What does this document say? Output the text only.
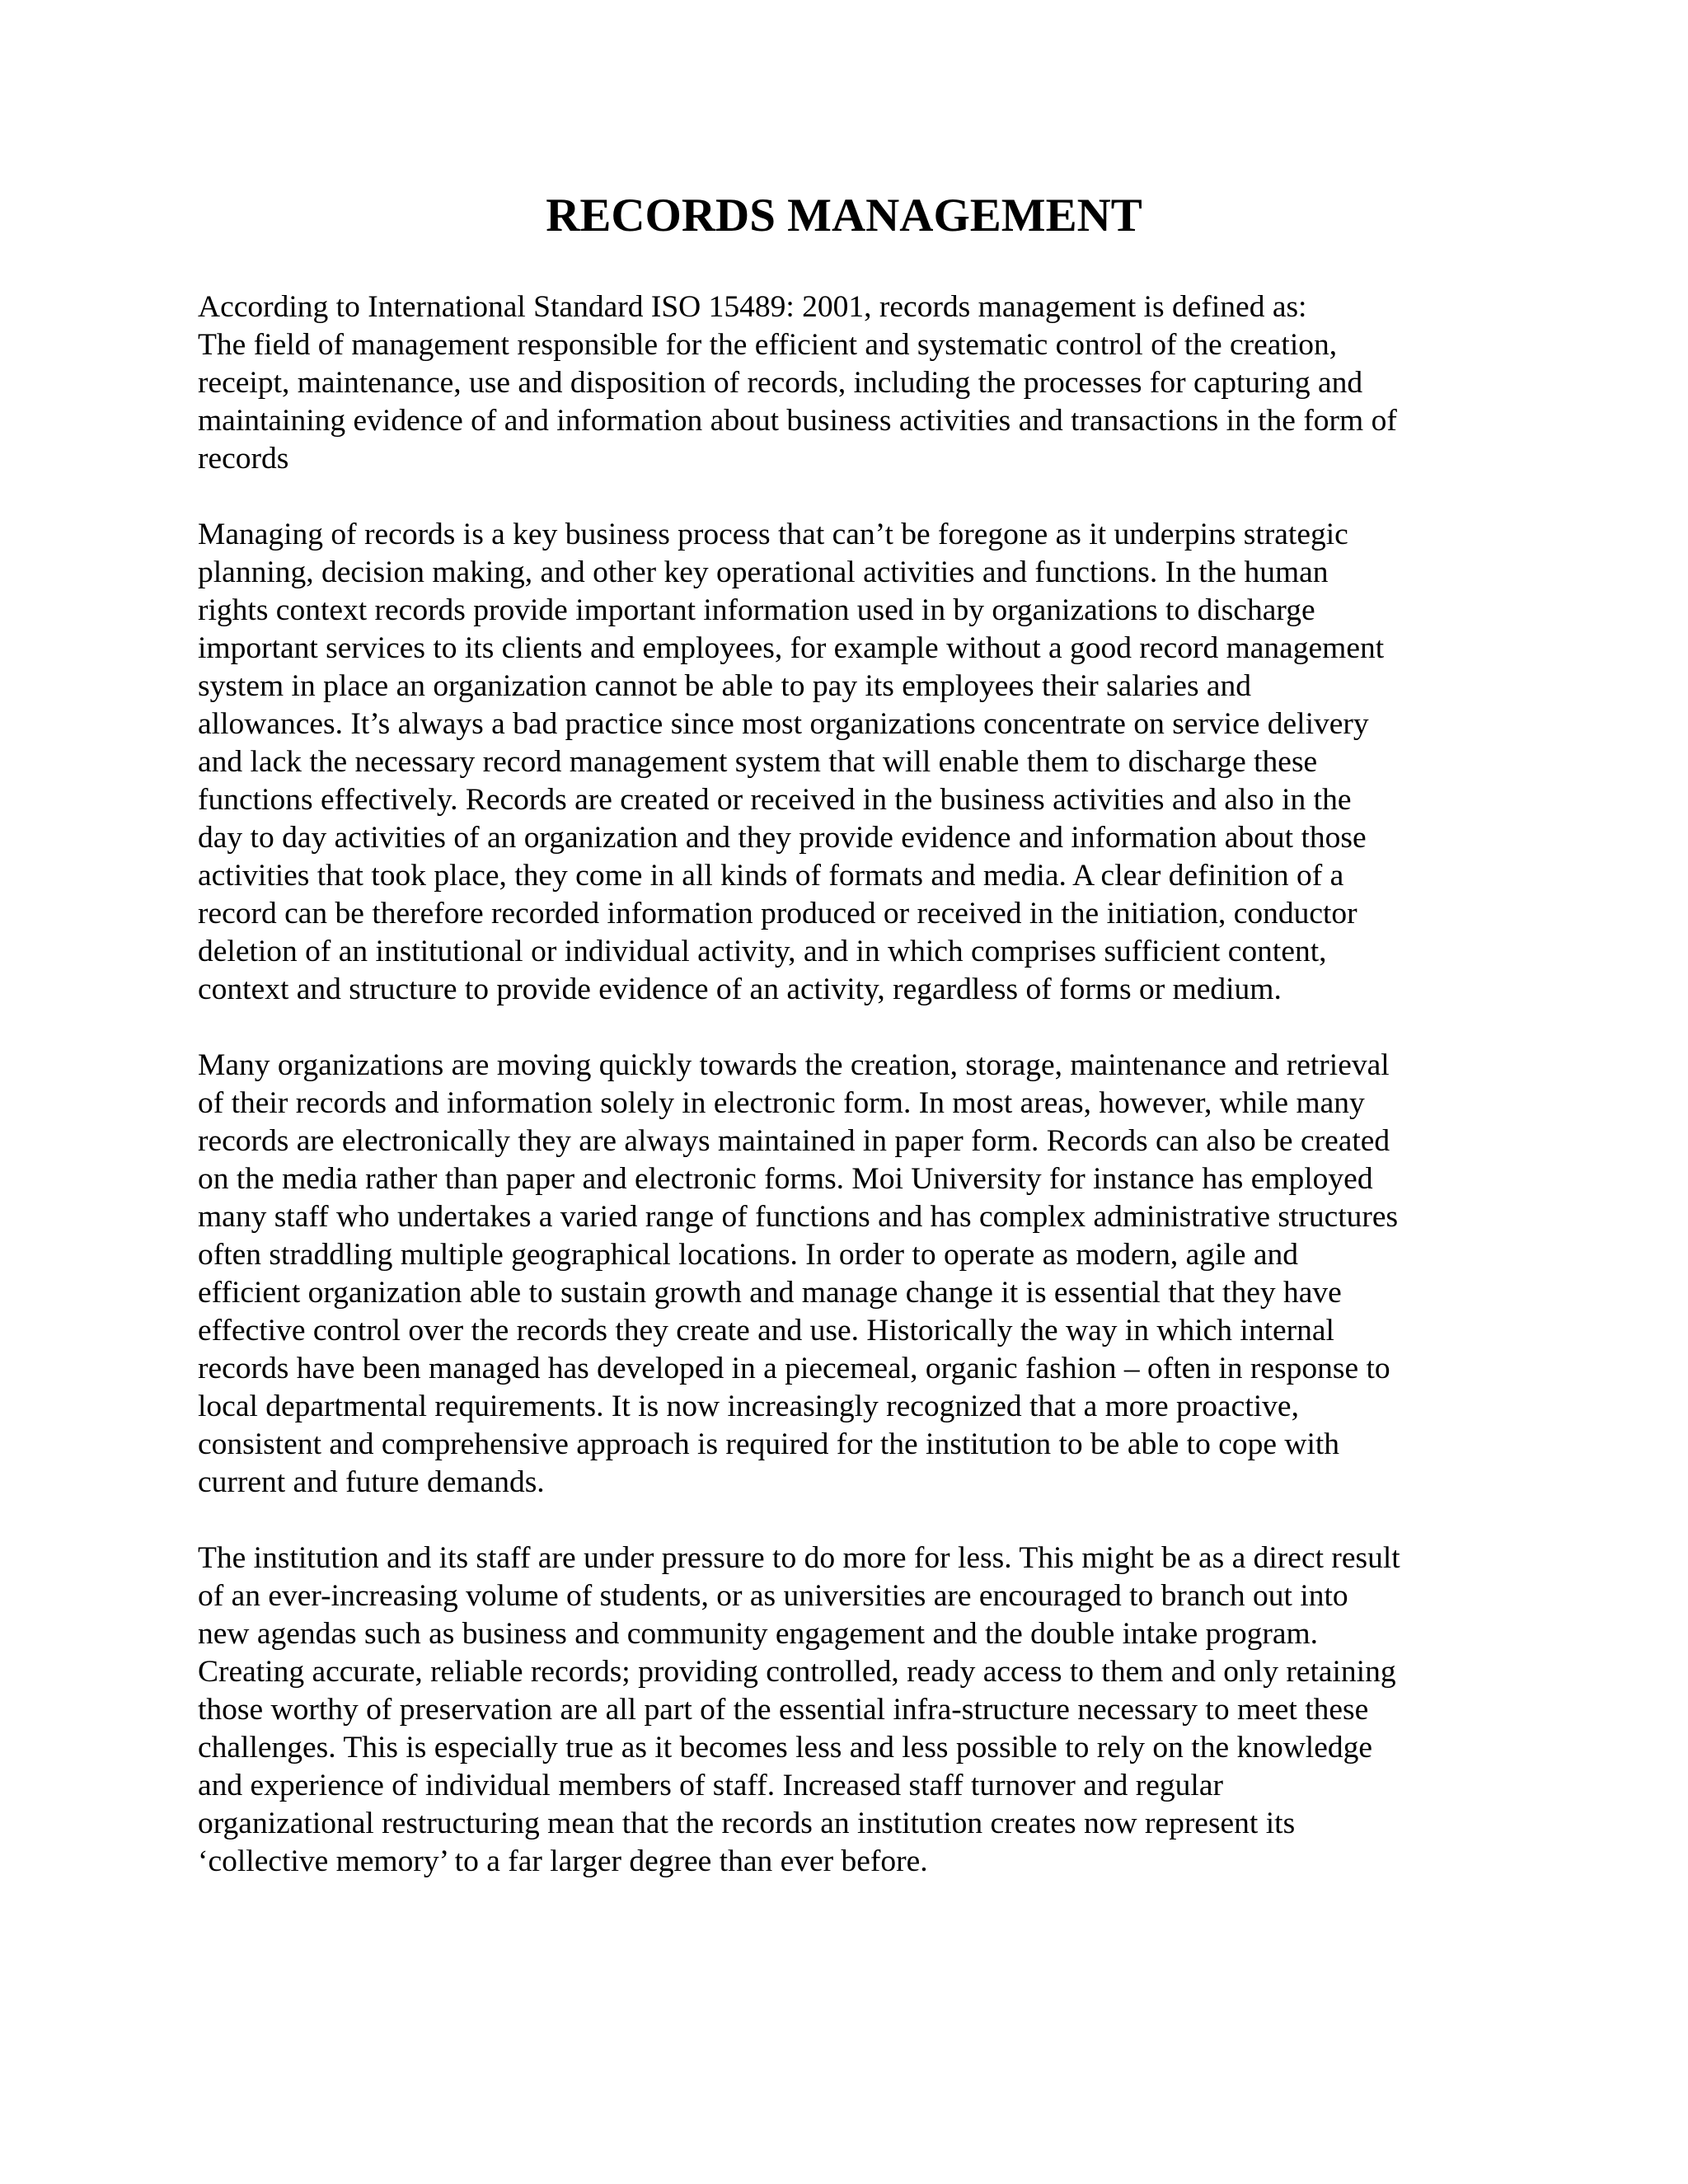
RECORDS MANAGEMENT

According to International Standard ISO 15489: 2001, records management is defined as:
The field of management responsible for the efficient and systematic control of the creation,
receipt, maintenance, use and disposition of records, including the processes for capturing and
maintaining evidence of and information about business activities and transactions in the form of
records

Managing of records is a key business process that can’t be foregone as it underpins strategic
planning, decision making, and other key operational activities and functions. In the human
rights context records provide important information used in by organizations to discharge
important services to its clients and employees, for example without a good record management
system in place an organization cannot be able to pay its employees their salaries and
allowances. It’s always a bad practice since most organizations concentrate on service delivery
and lack the necessary record management system that will enable them to discharge these
functions effectively. Records are created or received in the business activities and also in the
day to day activities of an organization and they provide evidence and information about those
activities that took place, they come in all kinds of formats and media. A clear definition of a
record can be therefore recorded information produced or received in the initiation, conductor
deletion of an institutional or individual activity, and in which comprises sufficient content,
context and structure to provide evidence of an activity, regardless of forms or medium.

Many organizations are moving quickly towards the creation, storage, maintenance and retrieval
of their records and information solely in electronic form. In most areas, however, while many
records are electronically they are always maintained in paper form. Records can also be created
on the media rather than paper and electronic forms. Moi University for instance has employed
many staff who undertakes a varied range of functions and has complex administrative structures
often straddling multiple geographical locations. In order to operate as modern, agile and
efficient organization able to sustain growth and manage change it is essential that they have
effective control over the records they create and use. Historically the way in which internal
records have been managed has developed in a piecemeal, organic fashion – often in response to
local departmental requirements. It is now increasingly recognized that a more proactive,
consistent and comprehensive approach is required for the institution to be able to cope with
current and future demands.

The institution and its staff are under pressure to do more for less. This might be as a direct result
of an ever-increasing volume of students, or as universities are encouraged to branch out into
new agendas such as business and community engagement and the double intake program.
Creating accurate, reliable records; providing controlled, ready access to them and only retaining
those worthy of preservation are all part of the essential infra-structure necessary to meet these
challenges. This is especially true as it becomes less and less possible to rely on the knowledge
and experience of individual members of staff. Increased staff turnover and regular
organizational restructuring mean that the records an institution creates now represent its
‘collective memory’ to a far larger degree than ever before.
